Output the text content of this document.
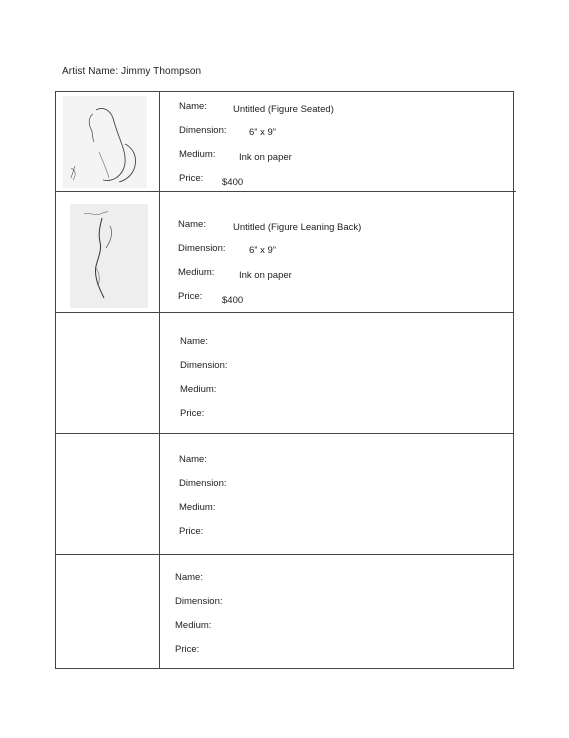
Artist Name: Jimmy Thompson
Name:	Untitled (Figure Seated)
Dimension: 6” x 9”
Medium: Ink on paper
Price: $400
Name:	Untitled (Figure Leaning Back)
Dimension: 6” x 9”
Medium:	Ink on paper
Price: $400
Name:
Dimension:
Medium:
Price:
Name:
Dimension:
Medium:
Price:
Name:
Dimension:
Medium:
Price:
